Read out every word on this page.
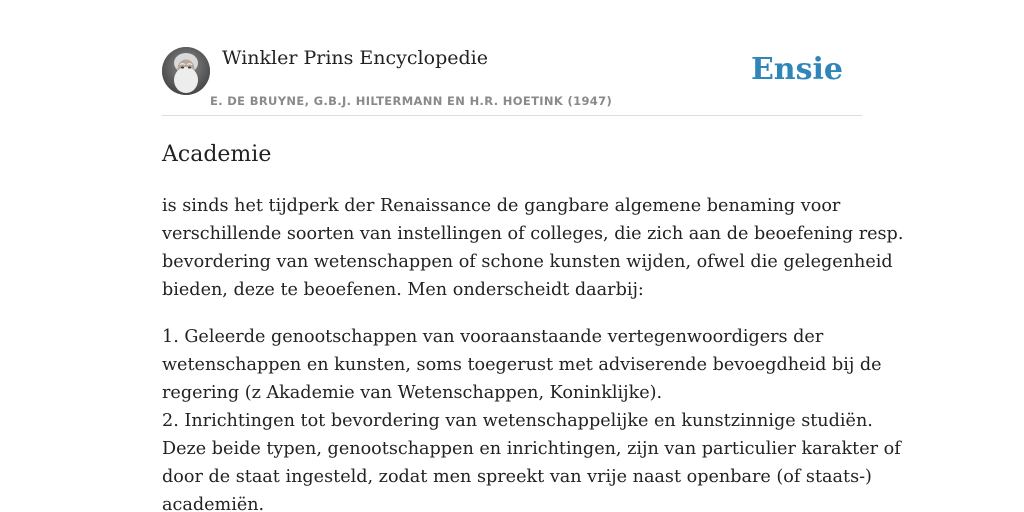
Winkler Prins Encyclopedie
E. DE BRUYNE, G.B.J. HILTERMANN EN H.R. HOETINK (1947)
Ensie
Academie

is sinds het tijdperk der Renaissance de gangbare algemene benaming voor
verschillende soorten van instellingen of colleges, die zich aan de beoefening resp.
bevordering van wetenschappen of schone kunsten wijden, ofwel die gelegenheid
bieden, deze te beoefenen. Men onderscheidt daarbij:

1. Geleerde genootschappen van vooraanstaande vertegenwoordigers der
wetenschappen en kunsten, soms toegerust met adviserende bevoegdheid bij de
regering (z Akademie van Wetenschappen, Koninklijke).
2. Inrichtingen tot bevordering van wetenschappelijke en kunstzinnige studiën.
Deze beide typen, genootschappen en inrichtingen, zijn van particulier karakter of
door de staat ingesteld, zodat men spreekt van vrije naast openbare (of staats-)
academiën.
